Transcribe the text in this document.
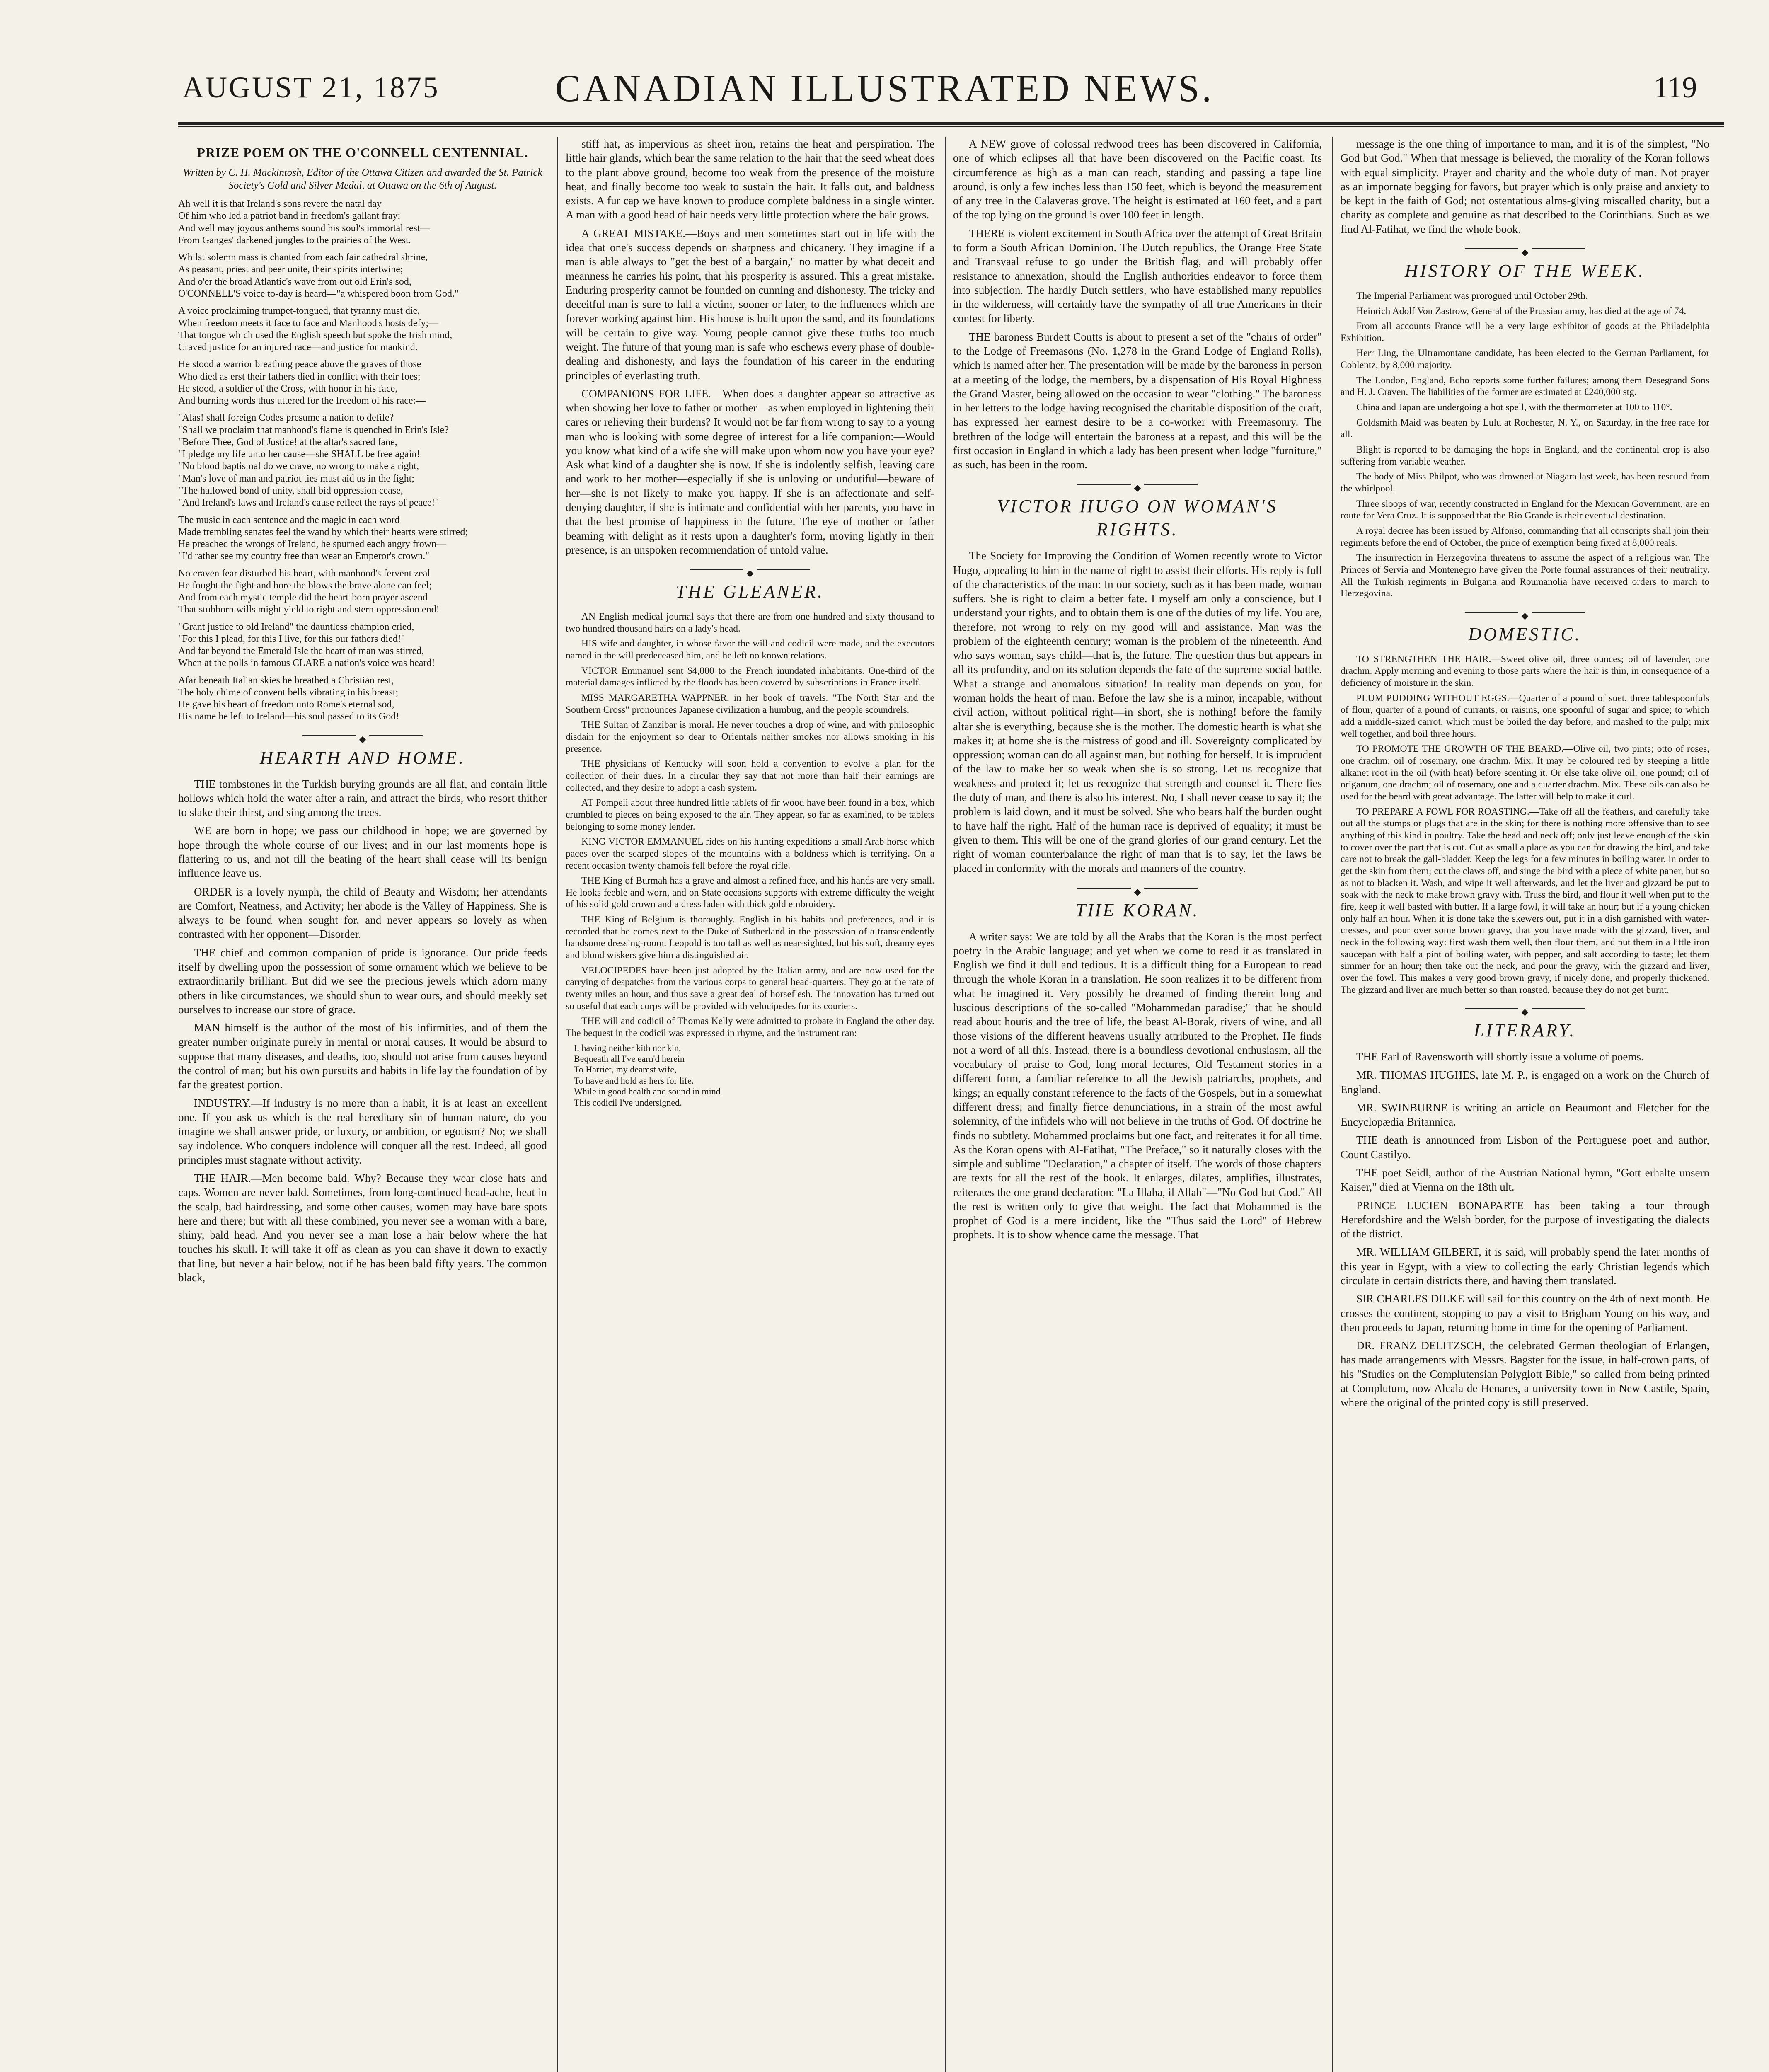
AUGUST 21, 1875	CANADIAN ILLUSTRATED NEWS.	119
PRIZE POEM ON THE O'CONNELL CENTENNIAL.
Written by C. H. Mackintosh, Editor of the Ottawa Citizen and awarded the St. Patrick Society's Gold and Silver Medal, at Ottawa on the 6th of August.
Ah well it is that Ireland's sons revere the natal day
Of him who led a patriot band in freedom's gallant fray;
And well may joyous anthems sound his soul's immortal rest—
From Ganges' darkened jungles to the prairies of the West.
Whilst solemn mass is chanted from each fair cathedral shrine,
As peasant, priest and peer unite, their spirits intertwine;
And o'er the broad Atlantic's wave from out old Erin's sod,
O'CONNELL'S voice to-day is heard—"a whispered boon from God."
A voice proclaiming trumpet-tongued, that tyranny must die,
When freedom meets it face to face and Manhood's hosts defy;—
That tongue which used the English speech but spoke the Irish mind,
Craved justice for an injured race—and justice for mankind.
He stood a warrior breathing peace above the graves of those
Who died as erst their fathers died in conflict with their foes;
He stood, a soldier of the Cross, with honor in his face,
And burning words thus uttered for the freedom of his race:—
"Alas! shall foreign Codes presume a nation to defile?
"Shall we proclaim that manhood's flame is quenched in Erin's Isle?
"Before Thee, God of Justice! at the altar's sacred fane,
"I pledge my life unto her cause—she SHALL be free again!
"No blood baptismal do we crave, no wrong to make a right,
"Man's love of man and patriot ties must aid us in the fight;
"The hallowed bond of unity, shall bid oppression cease,
"And Ireland's laws and Ireland's cause reflect the rays of peace!"
The music in each sentence and the magic in each word
Made trembling senates feel the wand by which their hearts were stirred;
He preached the wrongs of Ireland, he spurned each angry frown—
"I'd rather see my country free than wear an Emperor's crown."
No craven fear disturbed his heart, with manhood's fervent zeal
He fought the fight and bore the blows the brave alone can feel;
And from each mystic temple did the heart-born prayer ascend
That stubborn wills might yield to right and stern oppression end!
"Grant justice to old Ireland" the dauntless champion cried,
"For this I plead, for this I live, for this our fathers died!"
And far beyond the Emerald Isle the heart of man was stirred,
When at the polls in famous CLARE a nation's voice was heard!
Afar beneath Italian skies he breathed a Christian rest,
The holy chime of convent bells vibrating in his breast;
He gave his heart of freedom unto Rome's eternal sod,
His name he left to Ireland—his soul passed to its God!
◆
HEARTH AND HOME.

THE tombstones in the Turkish burying grounds are all flat, and contain little hollows which hold the water after a rain, and attract the birds, who resort thither to slake their thirst, and sing among the trees.

WE are born in hope; we pass our childhood in hope; we are governed by hope through the whole course of our lives; and in our last moments hope is flattering to us, and not till the beating of the heart shall cease will its benign influence leave us.

ORDER is a lovely nymph, the child of Beauty and Wisdom; her attendants are Comfort, Neatness, and Activity; her abode is the Valley of Happiness. She is always to be found when sought for, and never appears so lovely as when contrasted with her opponent—Disorder.

THE chief and common companion of pride is ignorance. Our pride feeds itself by dwelling upon the possession of some ornament which we believe to be extraordinarily brilliant. But did we see the precious jewels which adorn many others in like circumstances, we should shun to wear ours, and should meekly set ourselves to increase our store of grace.

MAN himself is the author of the most of his infirmities, and of them the greater number originate purely in mental or moral causes. It would be absurd to suppose that many diseases, and deaths, too, should not arise from causes beyond the control of man; but his own pursuits and habits in life lay the foundation of by far the greatest portion.

INDUSTRY.—If industry is no more than a habit, it is at least an excellent one. If you ask us which is the real hereditary sin of human nature, do you imagine we shall answer pride, or luxury, or ambition, or egotism? No; we shall say indolence. Who conquers indolence will conquer all the rest. Indeed, all good principles must stagnate without activity.

THE HAIR.—Men become bald. Why? Because they wear close hats and caps. Women are never bald. Sometimes, from long-continued head-ache, heat in the scalp, bad hairdressing, and some other causes, women may have bare spots here and there; but with all these combined, you never see a woman with a bare, shiny, bald head. And you never see a man lose a hair below where the hat touches his skull. It will take it off as clean as you can shave it down to exactly that line, but never a hair below, not if he has been bald fifty years. The common black,

stiff hat, as impervious as sheet iron, retains the heat and perspiration. The little hair glands, which bear the same relation to the hair that the seed wheat does to the plant above ground, become too weak from the presence of the moisture heat, and finally become too weak to sustain the hair. It falls out, and baldness exists. A fur cap we have known to produce complete baldness in a single winter. A man with a good head of hair needs very little protection where the hair grows.

A GREAT MISTAKE.—Boys and men sometimes start out in life with the idea that one's success depends on sharpness and chicanery. They imagine if a man is able always to "get the best of a bargain," no matter by what deceit and meanness he carries his point, that his prosperity is assured. This a great mistake. Enduring prosperity cannot be founded on cunning and dishonesty. The tricky and deceitful man is sure to fall a victim, sooner or later, to the influences which are forever working against him. His house is built upon the sand, and its foundations will be certain to give way. Young people cannot give these truths too much weight. The future of that young man is safe who eschews every phase of double-dealing and dishonesty, and lays the foundation of his career in the enduring principles of everlasting truth.

COMPANIONS FOR LIFE.—When does a daughter appear so attractive as when showing her love to father or mother—as when employed in lightening their cares or relieving their burdens? It would not be far from wrong to say to a young man who is looking with some degree of interest for a life companion:—Would you know what kind of a wife she will make upon whom now you have your eye? Ask what kind of a daughter she is now. If she is indolently selfish, leaving care and work to her mother—especially if she is unloving or undutiful—beware of her—she is not likely to make you happy. If she is an affectionate and self-denying daughter, if she is intimate and confidential with her parents, you have in that the best promise of happiness in the future. The eye of mother or father beaming with delight as it rests upon a daughter's form, moving lightly in their presence, is an unspoken recommendation of untold value.

◆
THE GLEANER.

AN English medical journal says that there are from one hundred and sixty thousand to two hundred thousand hairs on a lady's head.

HIS wife and daughter, in whose favor the will and codicil were made, and the executors named in the will predeceased him, and he left no known relations.

VICTOR Emmanuel sent $4,000 to the French inundated inhabitants. One-third of the material damages inflicted by the floods has been covered by subscriptions in France itself.

MISS MARGARETHA WAPPNER, in her book of travels. "The North Star and the Southern Cross" pronounces Japanese civilization a humbug, and the people scoundrels.

THE Sultan of Zanzibar is moral. He never touches a drop of wine, and with philosophic disdain for the enjoyment so dear to Orientals neither smokes nor allows smoking in his presence.

THE physicians of Kentucky will soon hold a convention to evolve a plan for the collection of their dues. In a circular they say that not more than half their earnings are collected, and they desire to adopt a cash system.

AT Pompeii about three hundred little tablets of fir wood have been found in a box, which crumbled to pieces on being exposed to the air. They appear, so far as examined, to be tablets belonging to some money lender.

KING VICTOR EMMANUEL rides on his hunting expeditions a small Arab horse which paces over the scarped slopes of the mountains with a boldness which is terrifying. On a recent occasion twenty chamois fell before the royal rifle.

THE King of Burmah has a grave and almost a refined face, and his hands are very small. He looks feeble and worn, and on State occasions supports with extreme difficulty the weight of his solid gold crown and a dress laden with thick gold embroidery.

THE King of Belgium is thoroughly. English in his habits and preferences, and it is recorded that he comes next to the Duke of Sutherland in the possession of a transcendently handsome dressing-room. Leopold is too tall as well as near-sighted, but his soft, dreamy eyes and blond wiskers give him a distinguished air.

VELOCIPEDES have been just adopted by the Italian army, and are now used for the carrying of despatches from the various corps to general head-quarters. They go at the rate of twenty miles an hour, and thus save a great deal of horseflesh. The innovation has turned out so useful that each corps will be provided with velocipedes for its couriers.

THE will and codicil of Thomas Kelly were admitted to probate in England the other day. The bequest in the codicil was expressed in rhyme, and the instrument ran:

I, having neither kith nor kin,
Bequeath all I've earn'd herein
To Harriet, my dearest wife,
To have and hold as hers for life.
While in good health and sound in mind
This codicil I've undersigned.

A NEW grove of colossal redwood trees has been discovered in California, one of which eclipses all that have been discovered on the Pacific coast. Its circumference as high as a man can reach, standing and passing a tape line around, is only a few inches less than 150 feet, which is beyond the measurement of any tree in the Calaveras grove. The height is estimated at 160 feet, and a part of the top lying on the ground is over 100 feet in length.

THERE is violent excitement in South Africa over the attempt of Great Britain to form a South African Dominion. The Dutch republics, the Orange Free State and Transvaal refuse to go under the British flag, and will probably offer resistance to annexation, should the English authorities endeavor to force them into subjection. The hardly Dutch settlers, who have established many republics in the wilderness, will certainly have the sympathy of all true Americans in their contest for liberty.

THE baroness Burdett Coutts is about to present a set of the "chairs of order" to the Lodge of Freemasons (No. 1,278 in the Grand Lodge of England Rolls), which is named after her. The presentation will be made by the baroness in person at a meeting of the lodge, the members, by a dispensation of His Royal Highness the Grand Master, being allowed on the occasion to wear "clothing." The baroness in her letters to the lodge having recognised the charitable disposition of the craft, has expressed her earnest desire to be a co-worker with Freemasonry. The brethren of the lodge will entertain the baroness at a repast, and this will be the first occasion in England in which a lady has been present when lodge "furniture," as such, has been in the room.

◆
VICTOR HUGO ON WOMAN'S RIGHTS.

The Society for Improving the Condition of Women recently wrote to Victor Hugo, appealing to him in the name of right to assist their efforts. His reply is full of the characteristics of the man: In our society, such as it has been made, woman suffers. She is right to claim a better fate. I myself am only a conscience, but I understand your rights, and to obtain them is one of the duties of my life. You are, therefore, not wrong to rely on my good will and assistance. Man was the problem of the eighteenth century; woman is the problem of the nineteenth. And who says woman, says child—that is, the future. The question thus but appears in all its profundity, and on its solution depends the fate of the supreme social battle. What a strange and anomalous situation! In reality man depends on you, for woman holds the heart of man. Before the law she is a minor, incapable, without civil action, without political right—in short, she is nothing! before the family altar she is everything, because she is the mother. The domestic hearth is what she makes it; at home she is the mistress of good and ill. Sovereignty complicated by oppression; woman can do all against man, but nothing for herself. It is imprudent of the law to make her so weak when she is so strong. Let us recognize that weakness and protect it; let us recognize that strength and counsel it. There lies the duty of man, and there is also his interest. No, I shall never cease to say it; the problem is laid down, and it must be solved. She who bears half the burden ought to have half the right. Half of the human race is deprived of equality; it must be given to them. This will be one of the grand glories of our grand century. Let the right of woman counterbalance the right of man that is to say, let the laws be placed in conformity with the morals and manners of the country.

◆
THE KORAN.

A writer says: We are told by all the Arabs that the Koran is the most perfect poetry in the Arabic language; and yet when we come to read it as translated in English we find it dull and tedious. It is a difficult thing for a European to read through the whole Koran in a translation. He soon realizes it to be different from what he imagined it. Very possibly he dreamed of finding therein long and luscious descriptions of the so-called "Mohammedan paradise;" that he should read about houris and the tree of life, the beast Al-Borak, rivers of wine, and all those visions of the different heavens usually attributed to the Prophet. He finds not a word of all this. Instead, there is a boundless devotional enthusiasm, all the vocabulary of praise to God, long moral lectures, Old Testament stories in a different form, a familiar reference to all the Jewish patriarchs, prophets, and kings; an equally constant reference to the facts of the Gospels, but in a somewhat different dress; and finally fierce denunciations, in a strain of the most awful solemnity, of the infidels who will not believe in the truths of God. Of doctrine he finds no subtlety. Mohammed proclaims but one fact, and reiterates it for all time. As the Koran opens with Al-Fatihat, "The Preface," so it naturally closes with the simple and sublime "Declaration," a chapter of itself. The words of those chapters are texts for all the rest of the book. It enlarges, dilates, amplifies, illustrates, reiterates the one grand declaration: "La Illaha, il Allah"—"No God but God." All the rest is written only to give that weight. The fact that Mohammed is the prophet of God is a mere incident, like the "Thus said the Lord" of Hebrew prophets. It is to show whence came the message. That

message is the one thing of importance to man, and it is of the simplest, "No God but God." When that message is believed, the morality of the Koran follows with equal simplicity. Prayer and charity and the whole duty of man. Not prayer as an impornate begging for favors, but prayer which is only praise and anxiety to be kept in the faith of God; not ostentatious alms-giving miscalled charity, but a charity as complete and genuine as that described to the Corinthians. Such as we find Al-Fatihat, we find the whole book.

◆
HISTORY OF THE WEEK.

The Imperial Parliament was prorogued until October 29th.

Heinrich Adolf Von Zastrow, General of the Prussian army, has died at the age of 74.

From all accounts France will be a very large exhibitor of goods at the Philadelphia Exhibition.

Herr Ling, the Ultramontane candidate, has been elected to the German Parliament, for Coblentz, by 8,000 majority.

The London, England, Echo reports some further failures; among them Desegrand Sons and H. J. Craven. The liabilities of the former are estimated at £240,000 stg.

China and Japan are undergoing a hot spell, with the thermometer at 100 to 110°.

Goldsmith Maid was beaten by Lulu at Rochester, N. Y., on Saturday, in the free race for all.

Blight is reported to be damaging the hops in England, and the continental crop is also suffering from variable weather.

The body of Miss Philpot, who was drowned at Niagara last week, has been rescued from the whirlpool.

Three sloops of war, recently constructed in England for the Mexican Government, are en route for Vera Cruz. It is supposed that the Rio Grande is their eventual destination.

A royal decree has been issued by Alfonso, commanding that all conscripts shall join their regiments before the end of October, the price of exemption being fixed at 8,000 reals.

The insurrection in Herzegovina threatens to assume the aspect of a religious war. The Princes of Servia and Montenegro have given the Porte formal assurances of their neutrality. All the Turkish regiments in Bulgaria and Roumanolia have received orders to march to Herzegovina.

◆
DOMESTIC.

TO STRENGTHEN THE HAIR.—Sweet olive oil, three ounces; oil of lavender, one drachm. Apply morning and evening to those parts where the hair is thin, in consequence of a deficiency of moisture in the skin.

PLUM PUDDING WITHOUT EGGS.—Quarter of a pound of suet, three tablespoonfuls of flour, quarter of a pound of currants, or raisins, one spoonful of sugar and spice; to which add a middle-sized carrot, which must be boiled the day before, and mashed to the pulp; mix well together, and boil three hours.

TO PROMOTE THE GROWTH OF THE BEARD.—Olive oil, two pints; otto of roses, one drachm; oil of rosemary, one drachm. Mix. It may be coloured red by steeping a little alkanet root in the oil (with heat) before scenting it. Or else take olive oil, one pound; oil of origanum, one drachm; oil of rosemary, one and a quarter drachm. Mix. These oils can also be used for the beard with great advantage. The latter will help to make it curl.

TO PREPARE A FOWL FOR ROASTING.—Take off all the feathers, and carefully take out all the stumps or plugs that are in the skin; for there is nothing more offensive than to see anything of this kind in poultry. Take the head and neck off; only just leave enough of the skin to cover over the part that is cut. Cut as small a place as you can for drawing the bird, and take care not to break the gall-bladder. Keep the legs for a few minutes in boiling water, in order to get the skin from them; cut the claws off, and singe the bird with a piece of white paper, but so as not to blacken it. Wash, and wipe it well afterwards, and let the liver and gizzard be put to soak with the neck to make brown gravy with. Truss the bird, and flour it well when put to the fire, keep it well basted with butter. If a large fowl, it will take an hour; but if a young chicken only half an hour. When it is done take the skewers out, put it in a dish garnished with water-cresses, and pour over some brown gravy, that you have made with the gizzard, liver, and neck in the following way: first wash them well, then flour them, and put them in a little iron saucepan with half a pint of boiling water, with pepper, and salt according to taste; let them simmer for an hour; then take out the neck, and pour the gravy, with the gizzard and liver, over the fowl. This makes a very good brown gravy, if nicely done, and properly thickened. The gizzard and liver are much better so than roasted, because they do not get burnt.

◆
LITERARY.

THE Earl of Ravensworth will shortly issue a volume of poems.

MR. THOMAS HUGHES, late M. P., is engaged on a work on the Church of England.

MR. SWINBURNE is writing an article on Beaumont and Fletcher for the Encyclopædia Britannica.

THE death is announced from Lisbon of the Portuguese poet and author, Count Castilyo.

THE poet Seidl, author of the Austrian National hymn, "Gott erhalte unsern Kaiser," died at Vienna on the 18th ult.

PRINCE LUCIEN BONAPARTE has been taking a tour through Herefordshire and the Welsh border, for the purpose of investigating the dialects of the district.

MR. WILLIAM GILBERT, it is said, will probably spend the later months of this year in Egypt, with a view to collecting the early Christian legends which circulate in certain districts there, and having them translated.

SIR CHARLES DILKE will sail for this country on the 4th of next month. He crosses the continent, stopping to pay a visit to Brigham Young on his way, and then proceeds to Japan, returning home in time for the opening of Parliament.

DR. FRANZ DELITZSCH, the celebrated German theologian of Erlangen, has made arrangements with Messrs. Bagster for the issue, in half-crown parts, of his "Studies on the Complutensian Polyglott Bible," so called from being printed at Complutum, now Alcala de Henares, a university town in New Castile, Spain, where the original of the printed copy is still preserved.
